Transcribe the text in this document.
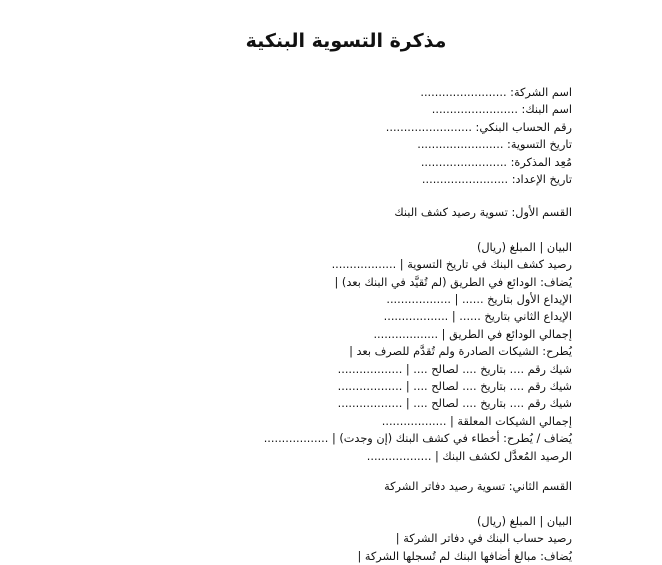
مذكرة التسوية البنكية
اسم الشركة: ........................
اسم البنك: ........................
رقم الحساب البنكي: ........................
تاريخ التسوية: ........................
مُعِد المذكرة: ........................
تاريخ الإعداد: ........................
القسم الأول: تسوية رصيد كشف البنك
البيان | المبلغ (ريال)
رصيد كشف البنك في تاريخ التسوية | ..................
يُضاف: الودائع في الطريق (لم تُقيَّد في البنك بعد) |
الإيداع الأول بتاريخ ...... | ..................
الإيداع الثاني بتاريخ ...... | ..................
إجمالي الودائع في الطريق | ..................
يُطرح: الشيكات الصادرة ولم تُقدَّم للصرف بعد |
شيك رقم .... بتاريخ .... لصالح .... | ..................
شيك رقم .... بتاريخ .... لصالح .... | ..................
شيك رقم .... بتاريخ .... لصالح .... | ..................
إجمالي الشيكات المعلقة | ..................
يُضاف / يُطرح: أخطاء في كشف البنك (إن وجدت) | ..................
الرصيد المُعدَّل لكشف البنك | ..................
القسم الثاني: تسوية رصيد دفاتر الشركة
البيان | المبلغ (ريال)
رصيد حساب البنك في دفاتر الشركة |
يُضاف: مبالغ أضافها البنك لم تُسجلها الشركة |
